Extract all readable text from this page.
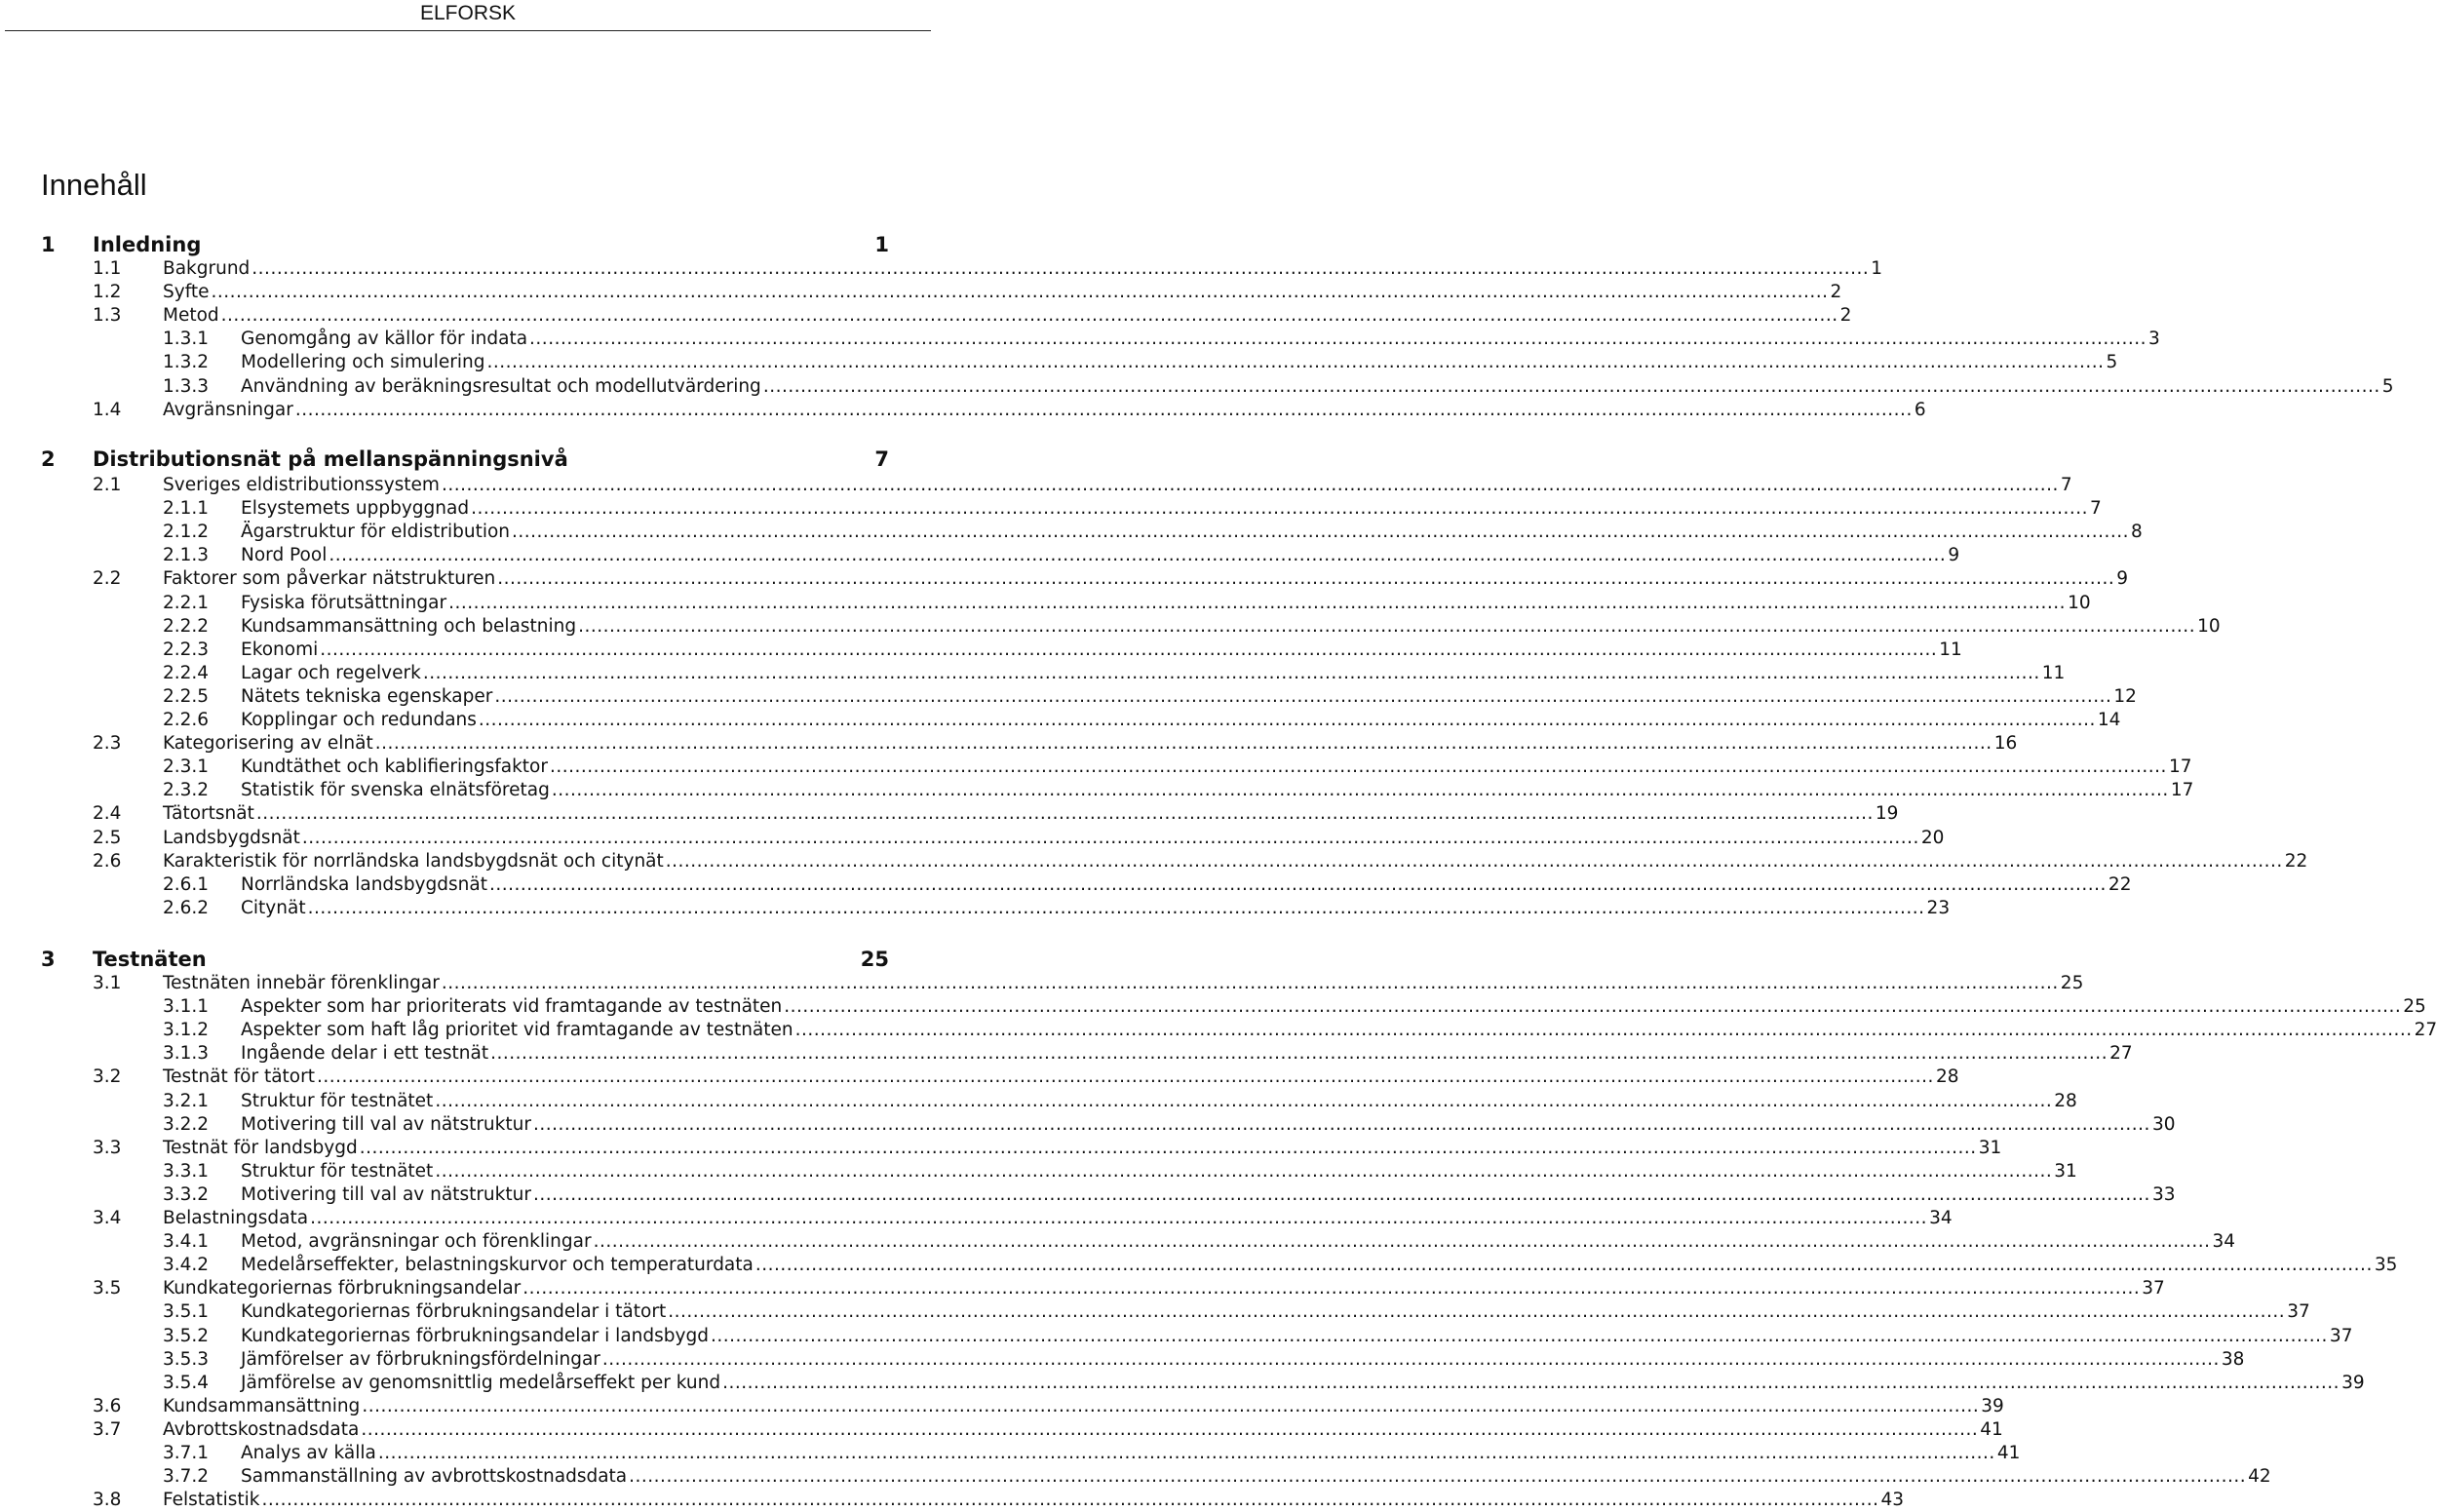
ELFORSK
Innehåll
1 Inledning	1
1.1 Bakgrund .................................................................................................................................................................................................................................................................... 1
1.2 Syfte .................................................................................................................................................................................................................................................................... 2
1.3 Metod .................................................................................................................................................................................................................................................................... 2
1.3.1 Genomgång av källor för indata .................................................................................................................................................................................................................................................................... 3
1.3.2 Modellering och simulering .................................................................................................................................................................................................................................................................... 5
1.3.3 Användning av beräkningsresultat och modellutvärdering .................................................................................................................................................................................................................................................................... 5
1.4 Avgränsningar .................................................................................................................................................................................................................................................................... 6
2 Distributionsnät på mellanspänningsnivå	7
2.1 Sveriges eldistributionssystem .................................................................................................................................................................................................................................................................... 7
2.1.1 Elsystemets uppbyggnad .................................................................................................................................................................................................................................................................... 7
2.1.2 Ägarstruktur för eldistribution .................................................................................................................................................................................................................................................................... 8
2.1.3 Nord Pool .................................................................................................................................................................................................................................................................... 9
2.2 Faktorer som påverkar nätstrukturen .................................................................................................................................................................................................................................................................... 9
2.2.1 Fysiska förutsättningar .................................................................................................................................................................................................................................................................... 10
2.2.2 Kundsammansättning och belastning .................................................................................................................................................................................................................................................................... 10
2.2.3 Ekonomi .................................................................................................................................................................................................................................................................... 11
2.2.4 Lagar och regelverk .................................................................................................................................................................................................................................................................... 11
2.2.5 Nätets tekniska egenskaper .................................................................................................................................................................................................................................................................... 12
2.2.6 Kopplingar och redundans .................................................................................................................................................................................................................................................................... 14
2.3 Kategorisering av elnät .................................................................................................................................................................................................................................................................... 16
2.3.1 Kundtäthet och kablifieringsfaktor .................................................................................................................................................................................................................................................................... 17
2.3.2 Statistik för svenska elnätsföretag .................................................................................................................................................................................................................................................................... 17
2.4 Tätortsnät .................................................................................................................................................................................................................................................................... 19
2.5 Landsbygdsnät .................................................................................................................................................................................................................................................................... 20
2.6 Karakteristik för norrländska landsbygdsnät och citynät .................................................................................................................................................................................................................................................................... 22
2.6.1 Norrländska landsbygdsnät .................................................................................................................................................................................................................................................................... 22
2.6.2 Citynät .................................................................................................................................................................................................................................................................... 23
3 Testnäten	25
3.1 Testnäten innebär förenklingar .................................................................................................................................................................................................................................................................... 25
3.1.1 Aspekter som har prioriterats vid framtagande av testnäten .................................................................................................................................................................................................................................................................... 25
3.1.2 Aspekter som haft låg prioritet vid framtagande av testnäten .................................................................................................................................................................................................................................................................... 27
3.1.3 Ingående delar i ett testnät .................................................................................................................................................................................................................................................................... 27
3.2 Testnät för tätort .................................................................................................................................................................................................................................................................... 28
3.2.1 Struktur för testnätet .................................................................................................................................................................................................................................................................... 28
3.2.2 Motivering till val av nätstruktur .................................................................................................................................................................................................................................................................... 30
3.3 Testnät för landsbygd .................................................................................................................................................................................................................................................................... 31
3.3.1 Struktur för testnätet .................................................................................................................................................................................................................................................................... 31
3.3.2 Motivering till val av nätstruktur .................................................................................................................................................................................................................................................................... 33
3.4 Belastningsdata .................................................................................................................................................................................................................................................................... 34
3.4.1 Metod, avgränsningar och förenklingar .................................................................................................................................................................................................................................................................... 34
3.4.2 Medelårseffekter, belastningskurvor och temperaturdata .................................................................................................................................................................................................................................................................... 35
3.5 Kundkategoriernas förbrukningsandelar .................................................................................................................................................................................................................................................................... 37
3.5.1 Kundkategoriernas förbrukningsandelar i tätort .................................................................................................................................................................................................................................................................... 37
3.5.2 Kundkategoriernas förbrukningsandelar i landsbygd .................................................................................................................................................................................................................................................................... 37
3.5.3 Jämförelser av förbrukningsfördelningar .................................................................................................................................................................................................................................................................... 38
3.5.4 Jämförelse av genomsnittlig medelårseffekt per kund .................................................................................................................................................................................................................................................................... 39
3.6 Kundsammansättning .................................................................................................................................................................................................................................................................... 39
3.7 Avbrottskostnadsdata .................................................................................................................................................................................................................................................................... 41
3.7.1 Analys av källa .................................................................................................................................................................................................................................................................... 41
3.7.2 Sammanställning av avbrottskostnadsdata .................................................................................................................................................................................................................................................................... 42
3.8 Felstatistik .................................................................................................................................................................................................................................................................... 43
